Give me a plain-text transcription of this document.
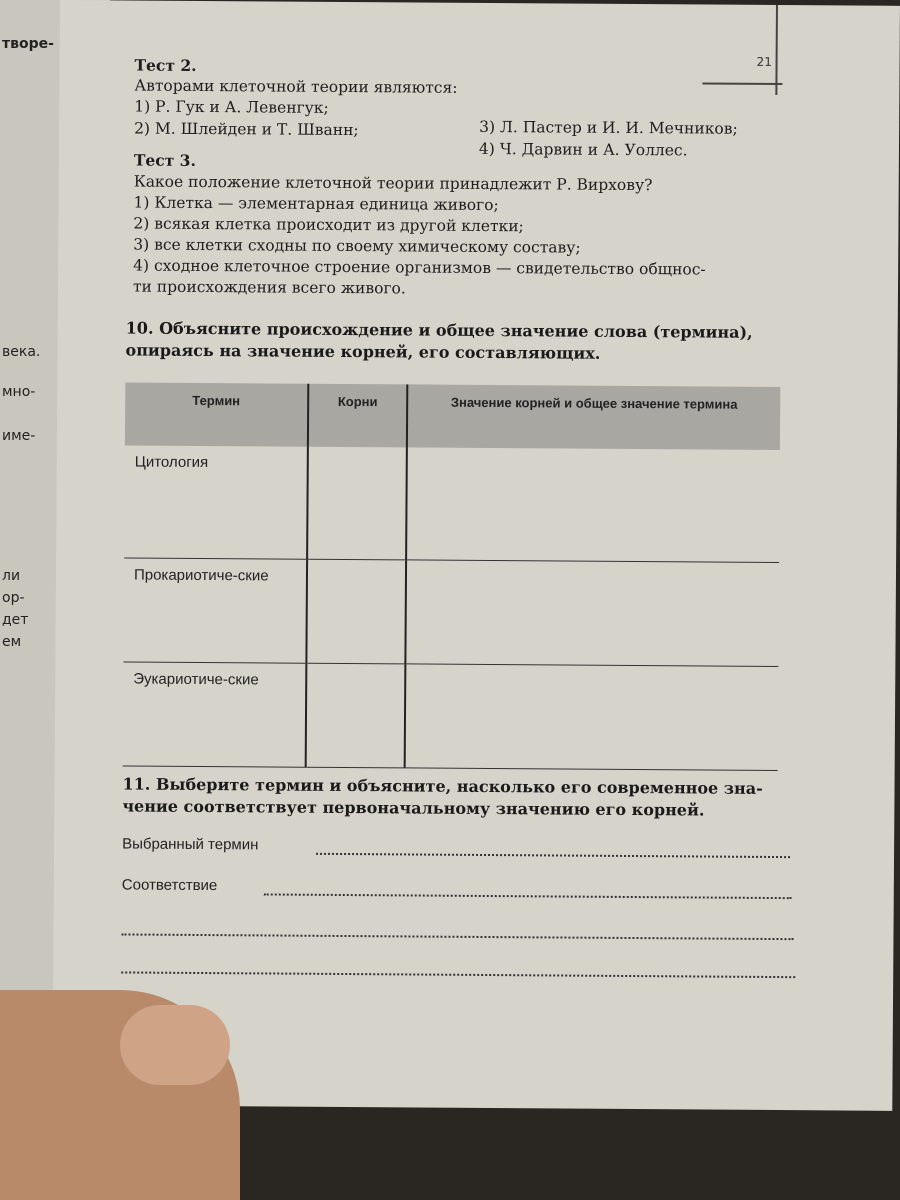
творе-
века.
мно-
име-
ли
ор-
дет
ем
21
Тест 2.
Авторами клеточной теории являются:
1) Р. Гук и А. Левенгук;
2) М. Шлейден и Т. Шванн;	3) Л. Пастер и И. И. Мечников;
4) Ч. Дарвин и А. Уоллес.
Тест 3.
Какое положение клеточной теории принадлежит Р. Вирхову?
1) Клетка — элементарная единица живого;
2) всякая клетка происходит из другой клетки;
3) все клетки сходны по своему химическому составу;
4) сходное клеточное строение организмов — свидетельство общнос-
ти происхождения всего живого.
10. Объясните происхождение и общее значение слова (термина),
опираясь на значение корней, его составляющих.
Термин	Корни	Значение корней и общее значение термина
Цитология		
Прокариотиче-ские		
Эукариотиче-ские		
11. Выберите термин и объясните, насколько его современное зна-
чение соответствует первоначальному значению его корней.
Выбранный термин
Соответствие
